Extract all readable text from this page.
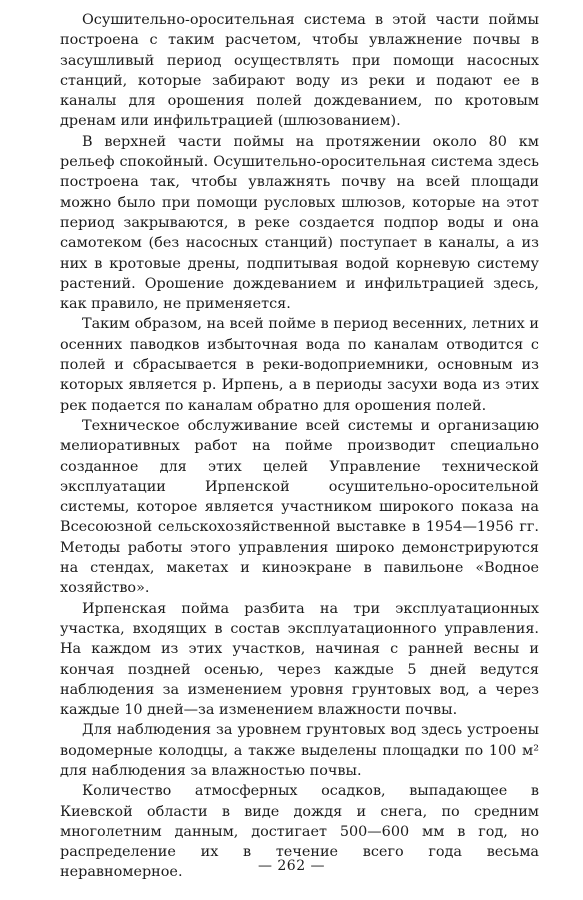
Осушительно-оросительная система в этой части поймы построена с таким расчетом, чтобы увлажнение почвы в засушливый период осуществлять при помощи насосных станций, которые забирают воду из реки и подают ее в каналы для орошения полей дождеванием, по кротовым дренам или инфильтрацией (шлюзованием).

В верхней части поймы на протяжении около 80 км рельеф спокойный. Осушительно-оросительная система здесь построена так, чтобы увлажнять почву на всей площади можно было при помощи русловых шлюзов, которые на этот период закрываются, в реке создается подпор воды и она самотеком (без насосных станций) поступает в каналы, а из них в кротовые дрены, подпитывая водой корневую систему растений. Орошение дождеванием и инфильтрацией здесь, как правило, не применяется.

Таким образом, на всей пойме в период весенних, летних и осенних паводков избыточная вода по каналам отводится с полей и сбрасывается в реки-водоприемники, основным из которых является р. Ирпень, а в периоды засухи вода из этих рек подается по каналам обратно для орошения полей.

Техническое обслуживание всей системы и организацию мелиоративных работ на пойме производит специально созданное для этих целей Управление технической эксплуатации Ирпенской осушительно-оросительной системы, которое является участником широкого показа на Всесоюзной сельскохозяйственной выставке в 1954—1956 гг. Методы работы этого управления широко демонстрируются на стендах, макетах и киноэкране в павильоне «Водное хозяйство».

Ирпенская пойма разбита на три эксплуатационных участка, входящих в состав эксплуатационного управления. На каждом из этих участков, начиная с ранней весны и кончая поздней осенью, через каждые 5 дней ведутся наблюдения за изменением уровня грунтовых вод, а через каждые 10 дней—за изменением влажности почвы.

Для наблюдения за уровнем грунтовых вод здесь устроены водомерные колодцы, а также выделены площадки по 100 м² для наблюдения за влажностью почвы.

Количество атмосферных осадков, выпадающее в Киевской области в виде дождя и снега, по средним многолетним данным, достигает 500—600 мм в год, но распределение их в течение всего года весьма неравномерное.	— 262 —
